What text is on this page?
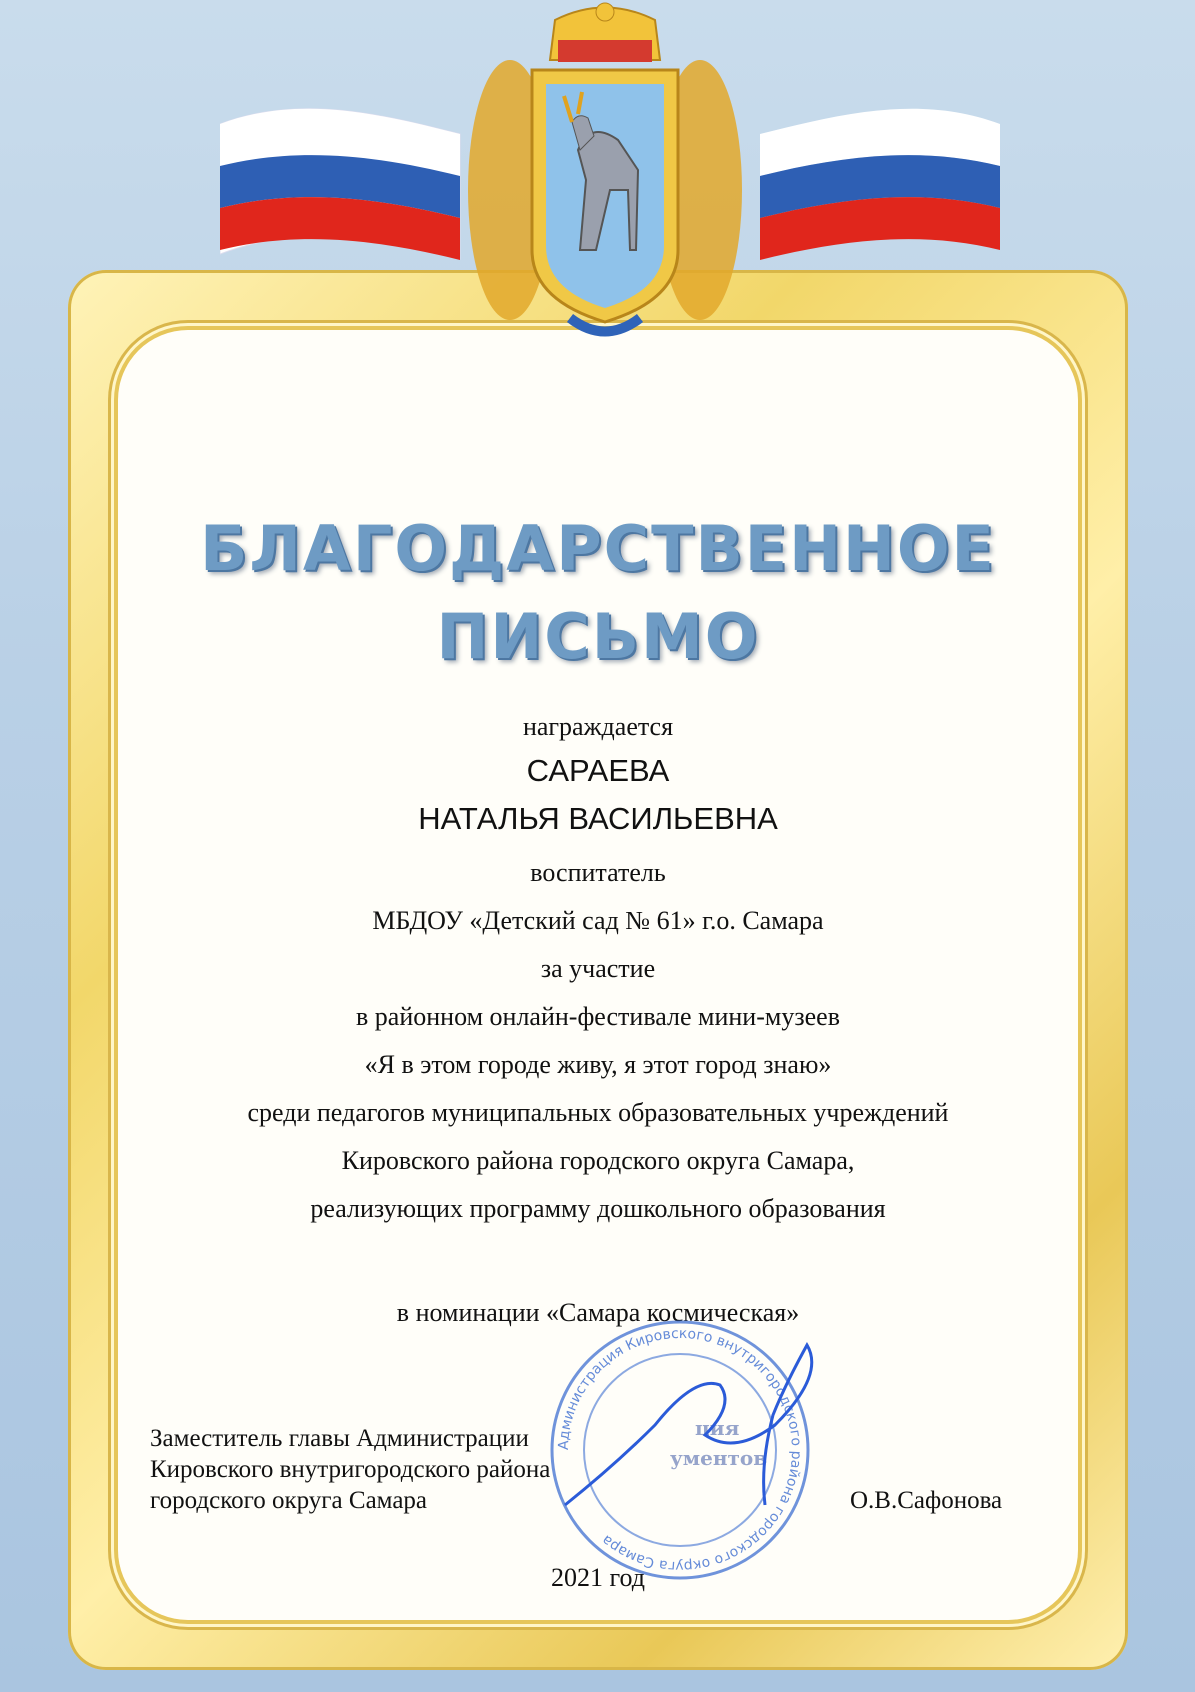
БЛАГОДАРСТВЕННОЕ
ПИСЬМО
награждается
САРАЕВА
НАТАЛЬЯ ВАСИЛЬЕВНА
воспитатель
МБДОУ «Детский сад № 61» г.о. Самара
за участие
в районном онлайн-фестивале мини-музеев
«Я в этом городе живу, я этот город знаю»
среди педагогов муниципальных образовательных учреждений
Кировского района городского округа Самара,
реализующих программу дошкольного образования
в номинации «Самара космическая»
Заместитель главы Администрации
Кировского внутригородского района
городского округа Самара	О.В.Сафонова
Администрация Кировского внутригородского района городского округа Самара
ция
ументов
2021 год
